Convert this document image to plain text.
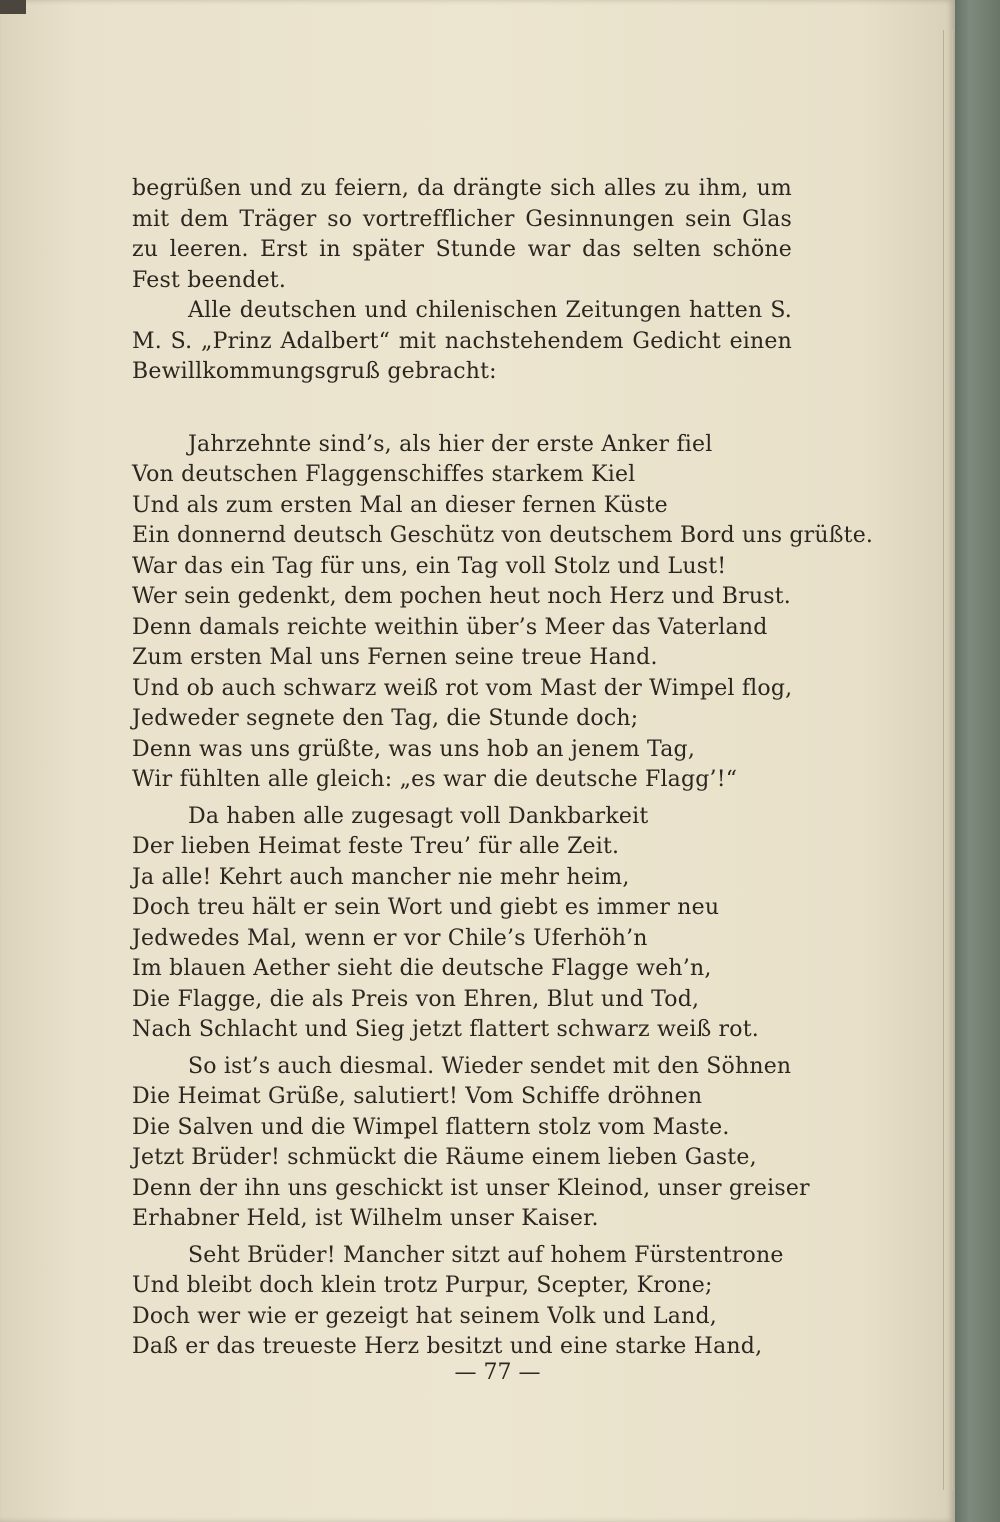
begrüßen und zu feiern, da drängte sich alles zu ihm, um mit dem Träger so vortrefflicher Gesinnungen sein Glas zu leeren. Erst in später Stunde war das selten schöne Fest beendet.

Alle deutschen und chilenischen Zeitungen hatten S. M. S. „Prinz Adalbert“ mit nachstehendem Gedicht einen Bewillkommungsgruß gebracht:

Jahrzehnte sind’s, als hier der erste Anker fiel
Von deutschen Flaggenschiffes starkem Kiel
Und als zum ersten Mal an dieser fernen Küste
Ein donnernd deutsch Geschütz von deutschem Bord uns grüßte.
War das ein Tag für uns, ein Tag voll Stolz und Lust!
Wer sein gedenkt, dem pochen heut noch Herz und Brust.
Denn damals reichte weithin über’s Meer das Vaterland
Zum ersten Mal uns Fernen seine treue Hand.
Und ob auch schwarz weiß rot vom Mast der Wimpel flog,
Jedweder segnete den Tag, die Stunde doch;
Denn was uns grüßte, was uns hob an jenem Tag,
Wir fühlten alle gleich: „es war die deutsche Flagg’!“
Da haben alle zugesagt voll Dankbarkeit
Der lieben Heimat feste Treu’ für alle Zeit.
Ja alle! Kehrt auch mancher nie mehr heim,
Doch treu hält er sein Wort und giebt es immer neu
Jedwedes Mal, wenn er vor Chile’s Uferhöh’n
Im blauen Aether sieht die deutsche Flagge weh’n,
Die Flagge, die als Preis von Ehren, Blut und Tod,
Nach Schlacht und Sieg jetzt flattert schwarz weiß rot.
So ist’s auch diesmal. Wieder sendet mit den Söhnen
Die Heimat Grüße, salutiert! Vom Schiffe dröhnen
Die Salven und die Wimpel flattern stolz vom Maste.
Jetzt Brüder! schmückt die Räume einem lieben Gaste,
Denn der ihn uns geschickt ist unser Kleinod, unser greiser
Erhabner Held, ist Wilhelm unser Kaiser.
Seht Brüder! Mancher sitzt auf hohem Fürstentrone
Und bleibt doch klein trotz Purpur, Scepter, Krone;
Doch wer wie er gezeigt hat seinem Volk und Land,
Daß er das treueste Herz besitzt und eine starke Hand,
— 77 —
